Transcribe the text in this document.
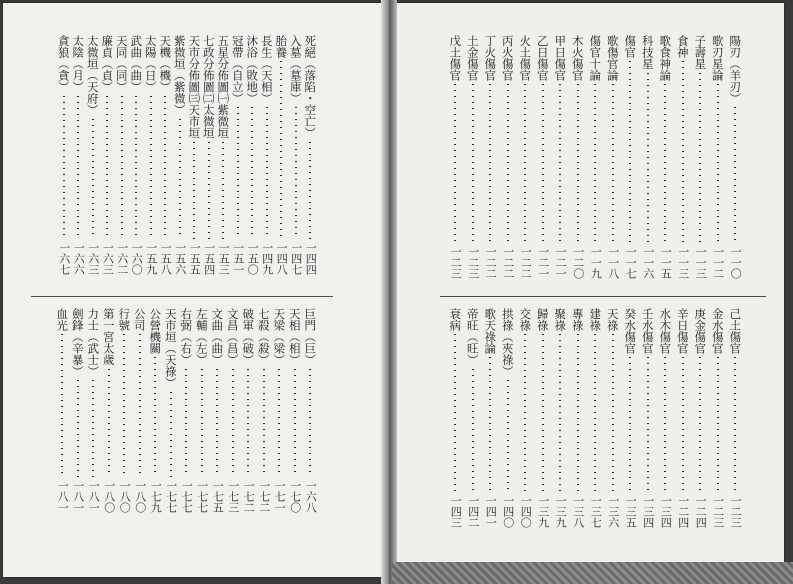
死絕（落陷・空亡）
一四四
入墓（墓庫）
一四七
胎養
一四八
長生（天相）
一四九
沐浴（敗地）
一五〇
冠帶（自立）
一五一
五星分佈圖㈠紫微垣
一五三
七政分佈圖㈡太微垣
一五四
天市分佈圖㈢天市垣
一五五
紫微垣（紫微）
一五六
天機（機）
一五八
太陽（日）
一五九
武曲（曲）
一六〇
天同（同）
一六二
廉貞（貞）
一六三
太微垣（天府）
一六三
太陰（月）
一六六
貪狼（貪）
一六七
巨門（巨）
一六八
天相（相）
一七〇
天梁（梁）
一七一
七殺（殺）
一七二
破軍（破）
一七二
文昌（昌）
一七三
文曲（曲）
一七五
左輔（左）
一七七
右弼（右）
一七七
天市垣（天祿）
一七七
公營機關
一七九
公司
一八〇
行號
一八〇
第一宮太歲
一八〇
力士（武士）
一八一
劍鋒（辛暴）
一八一
血光
一八一
陽刃（羊刃）
一一〇
歌刃星論
一一二
子壽星
一一三
食神
一一三
歌食神論
一一五
科技星
一一六
傷官
一一七
歌傷官論
一一八
傷官十論
一一九
木火傷官
一二〇
甲日傷官
一二一
乙日傷官
一二一
火土傷官
一二二
丙火傷官
一二二
丁火傷官
一二二
土金傷官
一二三
戊土傷官
一二三
己土傷官
一二三
金水傷官
一二三
庚金傷官
一二四
辛日傷官
一二四
水木傷官
一三四
壬水傷官
一三四
癸水傷官
一三五
天祿
一三六
建祿
一三七
專祿
一三八
聚祿
一三九
歸祿
一三九
交祿
一四〇
拱祿（夾祿）
一四〇
歌天祿論
一四一
帝旺（旺）
一四二
衰病
一四三
